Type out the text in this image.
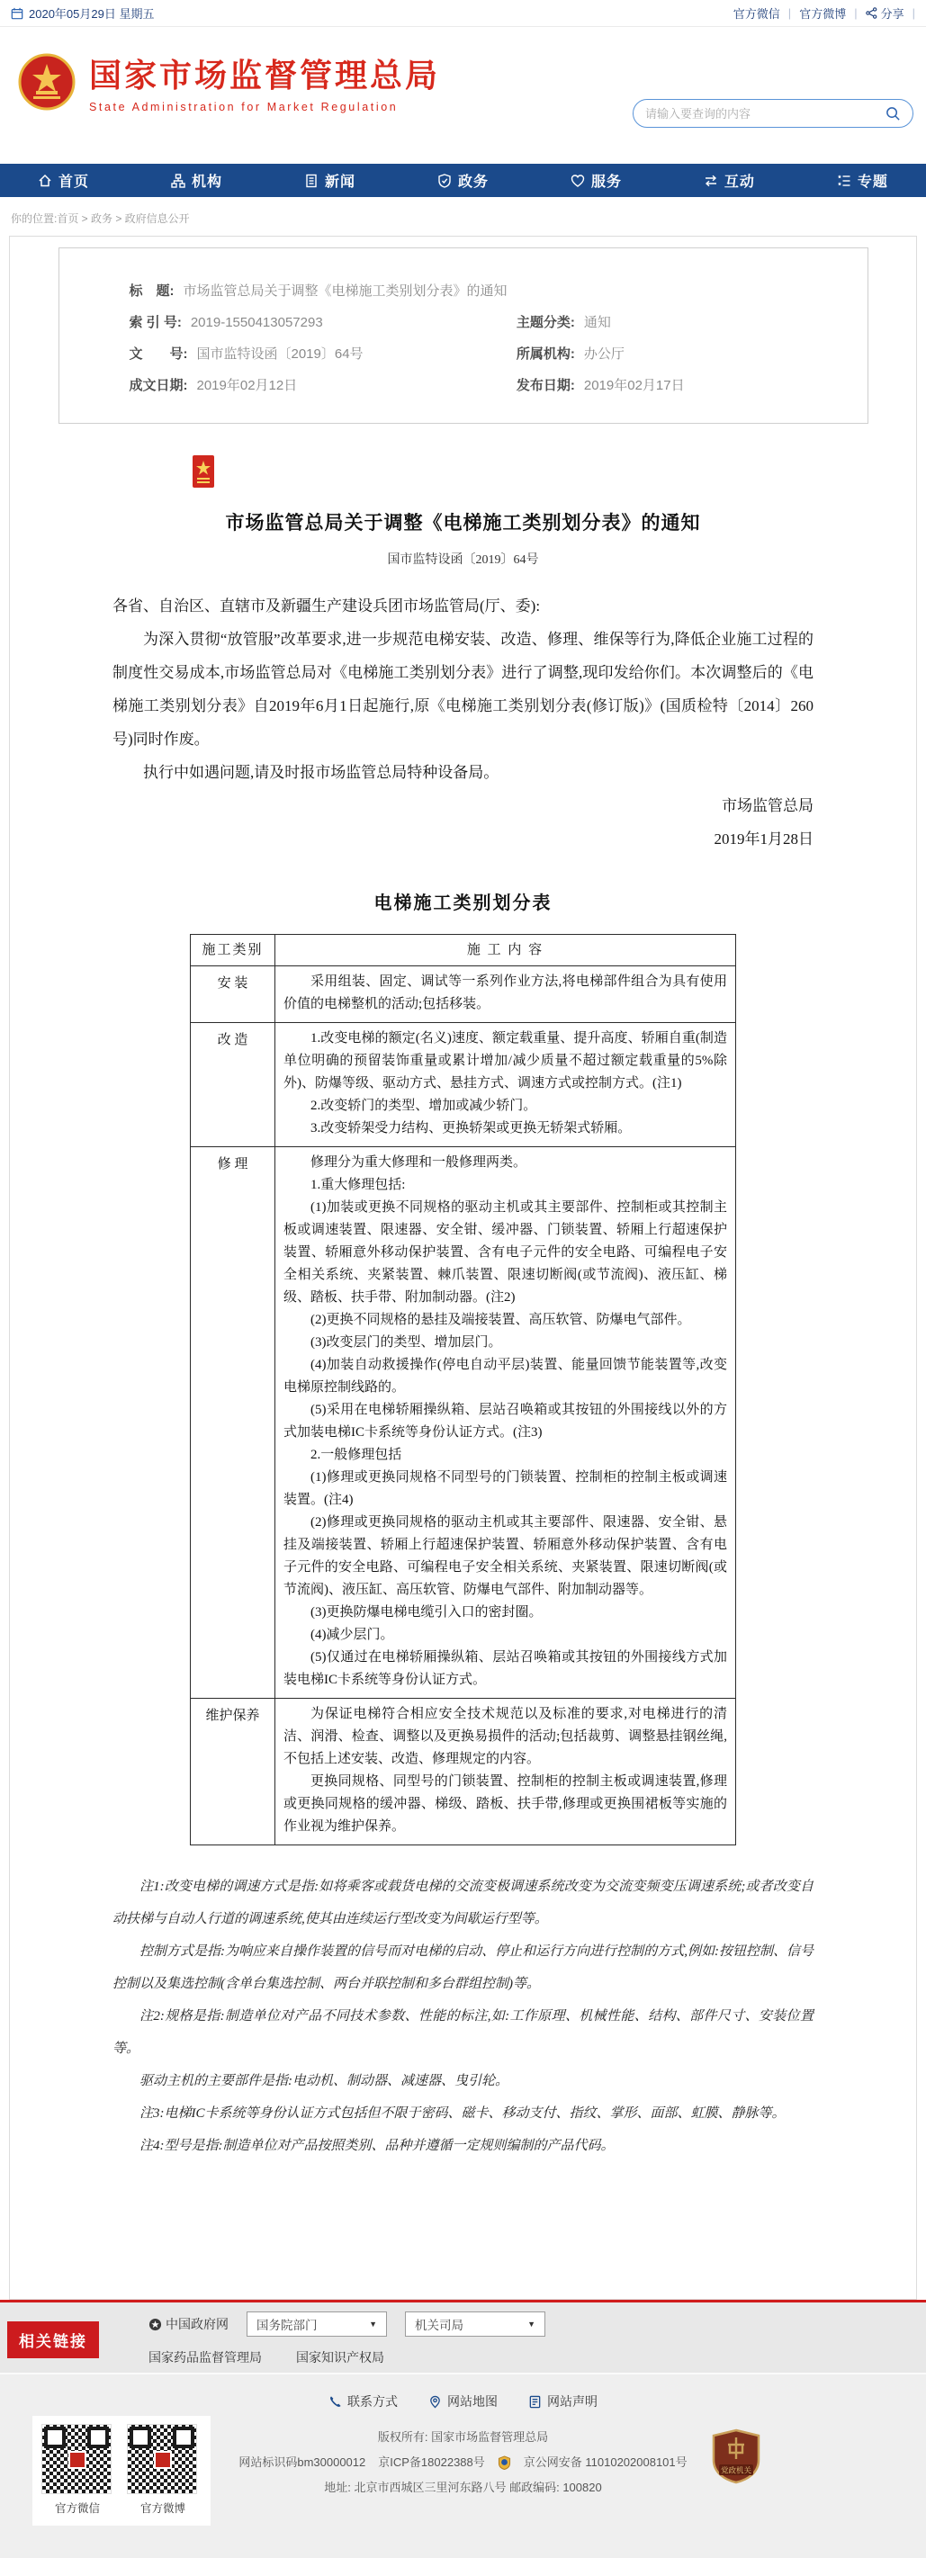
2020年05月29日 星期五	官方微信 | 官方微博 | 分享 |
国家市场监督管理总局
State Administration for Market Regulation
请输入要查询的内容
首页	机构	新闻	政务	服务	互动	专题
你的位置:首页 > 政务 > 政府信息公开
标　题: 市场监管总局关于调整《电梯施工类别划分表》的通知
索 引 号: 2019-1550413057293	主题分类: 通知
文　　号: 国市监特设函〔2019〕64号	所属机构: 办公厅
成文日期: 2019年02月12日	发布日期: 2019年02月17日
市场监管总局关于调整《电梯施工类别划分表》的通知
国市监特设函〔2019〕64号

各省、自治区、直辖市及新疆生产建设兵团市场监管局(厅、委):

为深入贯彻“放管服”改革要求,进一步规范电梯安装、改造、修理、维保等行为,降低企业施工过程的制度性交易成本,市场监管总局对《电梯施工类别划分表》进行了调整,现印发给你们。本次调整后的《电梯施工类别划分表》自2019年6月1日起施行,原《电梯施工类别划分表(修订版)》(国质检特〔2014〕260号)同时作废。

执行中如遇问题,请及时报市场监管总局特种设备局。

市场监管总局

2019年1月28日

电梯施工类别划分表
施工类别	施 工 内 容
安 装	采用组装、固定、调试等一系列作业方法,将电梯部件组合为具有使用价值的电梯整机的活动;包括移装。

改 造	1.改变电梯的额定(名义)速度、额定载重量、提升高度、轿厢自重(制造单位明确的预留装饰重量或累计增加/减少质量不超过额定载重量的5%除外)、防爆等级、驱动方式、悬挂方式、调速方式或控制方式。(注1)

2.改变轿门的类型、增加或减少轿门。

3.改变轿架受力结构、更换轿架或更换无轿架式轿厢。

修 理	修理分为重大修理和一般修理两类。

1.重大修理包括:

(1)加装或更换不同规格的驱动主机或其主要部件、控制柜或其控制主板或调速装置、限速器、安全钳、缓冲器、门锁装置、轿厢上行超速保护装置、轿厢意外移动保护装置、含有电子元件的安全电路、可编程电子安全相关系统、夹紧装置、棘爪装置、限速切断阀(或节流阀)、液压缸、梯级、踏板、扶手带、附加制动器。(注2)

(2)更换不同规格的悬挂及端接装置、高压软管、防爆电气部件。

(3)改变层门的类型、增加层门。

(4)加装自动救援操作(停电自动平层)装置、能量回馈节能装置等,改变电梯原控制线路的。

(5)采用在电梯轿厢操纵箱、层站召唤箱或其按钮的外围接线以外的方式加装电梯IC卡系统等身份认证方式。(注3)

2.一般修理包括

(1)修理或更换同规格不同型号的门锁装置、控制柜的控制主板或调速装置。(注4)

(2)修理或更换同规格的驱动主机或其主要部件、限速器、安全钳、悬挂及端接装置、轿厢上行超速保护装置、轿厢意外移动保护装置、含有电子元件的安全电路、可编程电子安全相关系统、夹紧装置、限速切断阀(或节流阀)、液压缸、高压软管、防爆电气部件、附加制动器等。

(3)更换防爆电梯电缆引入口的密封圈。

(4)减少层门。

(5)仅通过在电梯轿厢操纵箱、层站召唤箱或其按钮的外围接线方式加装电梯IC卡系统等身份认证方式。

维护保养	为保证电梯符合相应安全技术规范以及标准的要求,对电梯进行的清洁、润滑、检查、调整以及更换易损件的活动;包括裁剪、调整悬挂钢丝绳,不包括上述安装、改造、修理规定的内容。

更换同规格、同型号的门锁装置、控制柜的控制主板或调速装置,修理或更换同规格的缓冲器、梯级、踏板、扶手带,修理或更换围裙板等实施的作业视为维护保养。

注1:改变电梯的调速方式是指:如将乘客或载货电梯的交流变极调速系统改变为交流变频变压调速系统;或者改变自动扶梯与自动人行道的调速系统,使其由连续运行型改变为间歇运行型等。

控制方式是指:为响应来自操作装置的信号而对电梯的启动、停止和运行方向进行控制的方式,例如:按钮控制、信号控制以及集选控制(含单台集选控制、两台并联控制和多台群组控制)等。

注2:规格是指:制造单位对产品不同技术参数、性能的标注,如:工作原理、机械性能、结构、部件尺寸、安装位置等。

驱动主机的主要部件是指:电动机、制动器、减速器、曳引轮。

注3:电梯IC卡系统等身份认证方式包括但不限于密码、磁卡、移动支付、指纹、掌形、面部、虹膜、静脉等。

注4:型号是指:制造单位对产品按照类别、品种并遵循一定规则编制的产品代码。

相关链接
中国政府网 国务院部门	▼	机关司局	▼
国家药品监督管理局	国家知识产权局
联系方式	网站地图	网站声明
官方微信	官方微博
版权所有: 国家市场监督管理总局
网站标识码bm30000012 京ICP备18022388号	京公网安备 11010202008101号
地址: 北京市西城区三里河东路八号 邮政编码: 100820
党政机关
